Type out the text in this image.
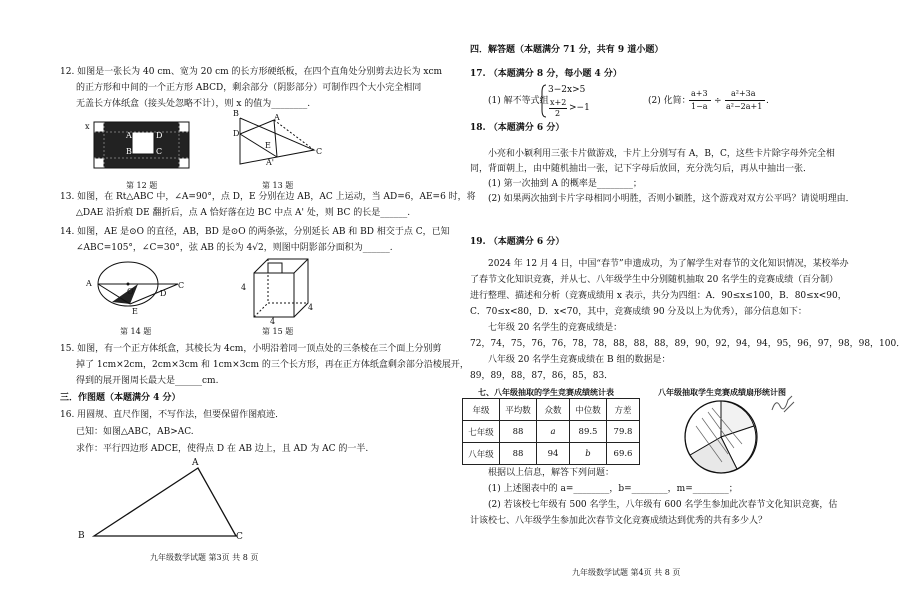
12. 如图是一张长为 40 cm、宽为 20 cm 的长方形硬纸板，在四个直角处分别剪去边长为 xcm
的正方形和中间的一个正方形 ABCD，剩余部分（阴影部分）可制作四个大小完全相同
无盖长方体纸盒（接头处忽略不计），则 x 的值为________.
x
A	D
B	C
第 12 题
B	A
D
E
C
A'
第 13 题
13. 如图，在 Rt△ABC 中，∠A=90°，点 D，E 分别在边 AB，AC 上运动，当 AD=6，AE=6 时，将
△DAE 沿折痕 DE 翻折后，点 A 恰好落在边 BC 中点 A' 处，则 BC 的长是______.
14. 如图，AE 是⊙O 的直径，AB，BD 是⊙O 的两条弦，分别延长 AB 和 BD 相交于点 C，已知
∠ABC=105°，∠C=30°，弦 AB 的长为 4√2，则图中阴影部分面积为______.
A	C
D
E
O
第 14 题
4
4
4
第 15 题
15. 如图，有一个正方体纸盒，其棱长为 4cm，小明沿着同一顶点处的三条棱在三个面上分别剪
掉了 1cm×2cm，2cm×3cm 和 1cm×3cm 的三个长方形，再在正方体纸盒剩余部分沿棱展开，
得到的展开图周长最大是______cm.
三．作图题（本题满分 4 分）
16. 用圆规、直尺作图，不写作法，但要保留作图痕迹．
已知：如图△ABC，AB>AC.
求作：平行四边形 ADCE，使得点 D 在 AB 边上，且 AD 为 AC 的一半.
A
B	C
九年级数学试题 第3页 共 8 页
四．解答题（本题满分 71 分，共有 9 道小题）
17. （本题满分 8 分，每小题 4 分）
(1) 解不等式组
3−2x>5
x+2
2
>−1
(2) 化简：
a+3
1−a
÷
a²+3a
a²−2a+1
.
18. （本题满分 6 分）
小亮和小颖利用三张卡片做游戏，卡片上分别写有 A，B，C，这些卡片除字母外完全相
同，背面朝上，由中随机抽出一张，记下字母后放回，充分洗匀后，再从中抽出一张．
(1) 第一次抽到 A 的概率是________；
(2) 如果两次抽到卡片字母相同小明胜，否则小颖胜，这个游戏对双方公平吗？请说明理由．
19. （本题满分 6 分）
2024 年 12 月 4 日，中国“春节”申遗成功，为了解学生对春节的文化知识情况，某校举办
了春节文化知识竞赛，并从七、八年级学生中分别随机抽取 20 名学生的竞赛成绩（百分制）
进行整理、描述和分析（竞赛成绩用 x 表示，共分为四组：A．90≤x≤100，B．80≤x<90，
C．70≤x<80，D．x<70，其中，竞赛成绩 90 分及以上为优秀），部分信息如下：
七年级 20 名学生的竞赛成绩是：
72，74，75，76，76，78，78，88，88，88，89，90，92，94，94，95，96，97，98，98，100．
八年级 20 名学生竞赛成绩在 B 组的数据是：
89，89，88，87，86，85，83．
七、八年级抽取的学生竞赛成绩统计表	八年级抽取学生竞赛成绩扇形统计图
年级	平均数	众数	中位数	方差
七年级	88	a	89.5	79.8
八年级	88	94	b	69.6
根据以上信息，解答下列问题：
(1) 上述图表中的 a=________，b=________，m=________；
(2) 若该校七年级有 500 名学生，八年级有 600 名学生参加此次春节文化知识竞赛，估
计该校七、八年级学生参加此次春节文化竞赛成绩达到优秀的共有多少人？
九年级数学试题 第4页 共 8 页
